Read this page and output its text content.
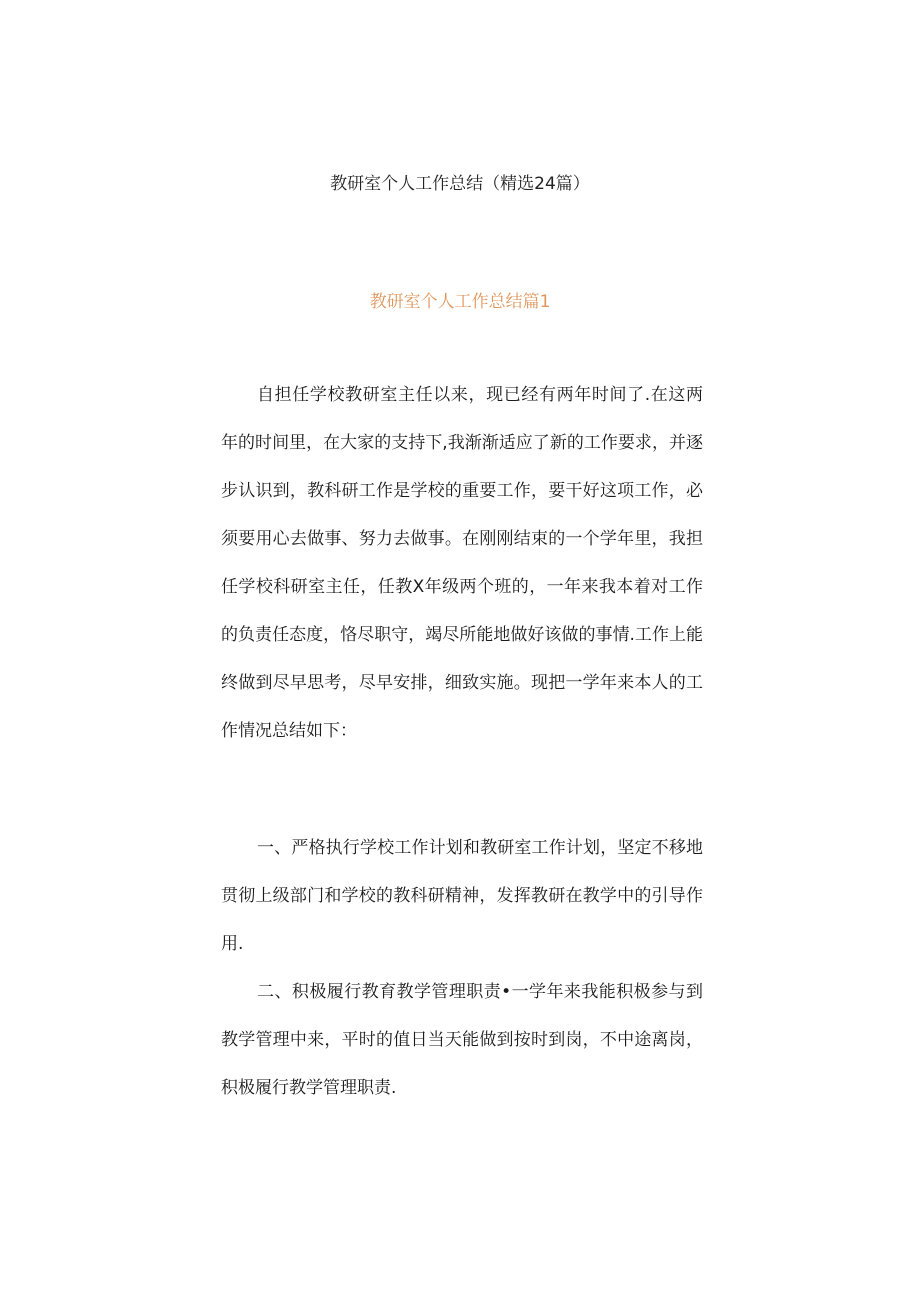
教研室个人工作总结（精选24篇）
教研室个人工作总结篇1

自担任学校教研室主任以来，现已经有两年时间了.在这两年的时间里，在大家的支持下,我渐渐适应了新的工作要求，并逐步认识到，教科研工作是学校的重要工作，要干好这项工作，必须要用心去做事、努力去做事。在刚刚结束的一个学年里，我担任学校科研室主任，任教X年级两个班的，一年来我本着对工作的负责任态度，恪尽职守，竭尽所能地做好该做的事情.工作上能终做到尽早思考，尽早安排，细致实施。现把一学年来本人的工作情况总结如下：

一、严格执行学校工作计划和教研室工作计划，坚定不移地贯彻上级部门和学校的教科研精神，发挥教研在教学中的引导作用.

二、积极履行教育教学管理职责•一学年来我能积极参与到教学管理中来，平时的值日当天能做到按时到岗，不中途离岗，积极履行教学管理职责.
